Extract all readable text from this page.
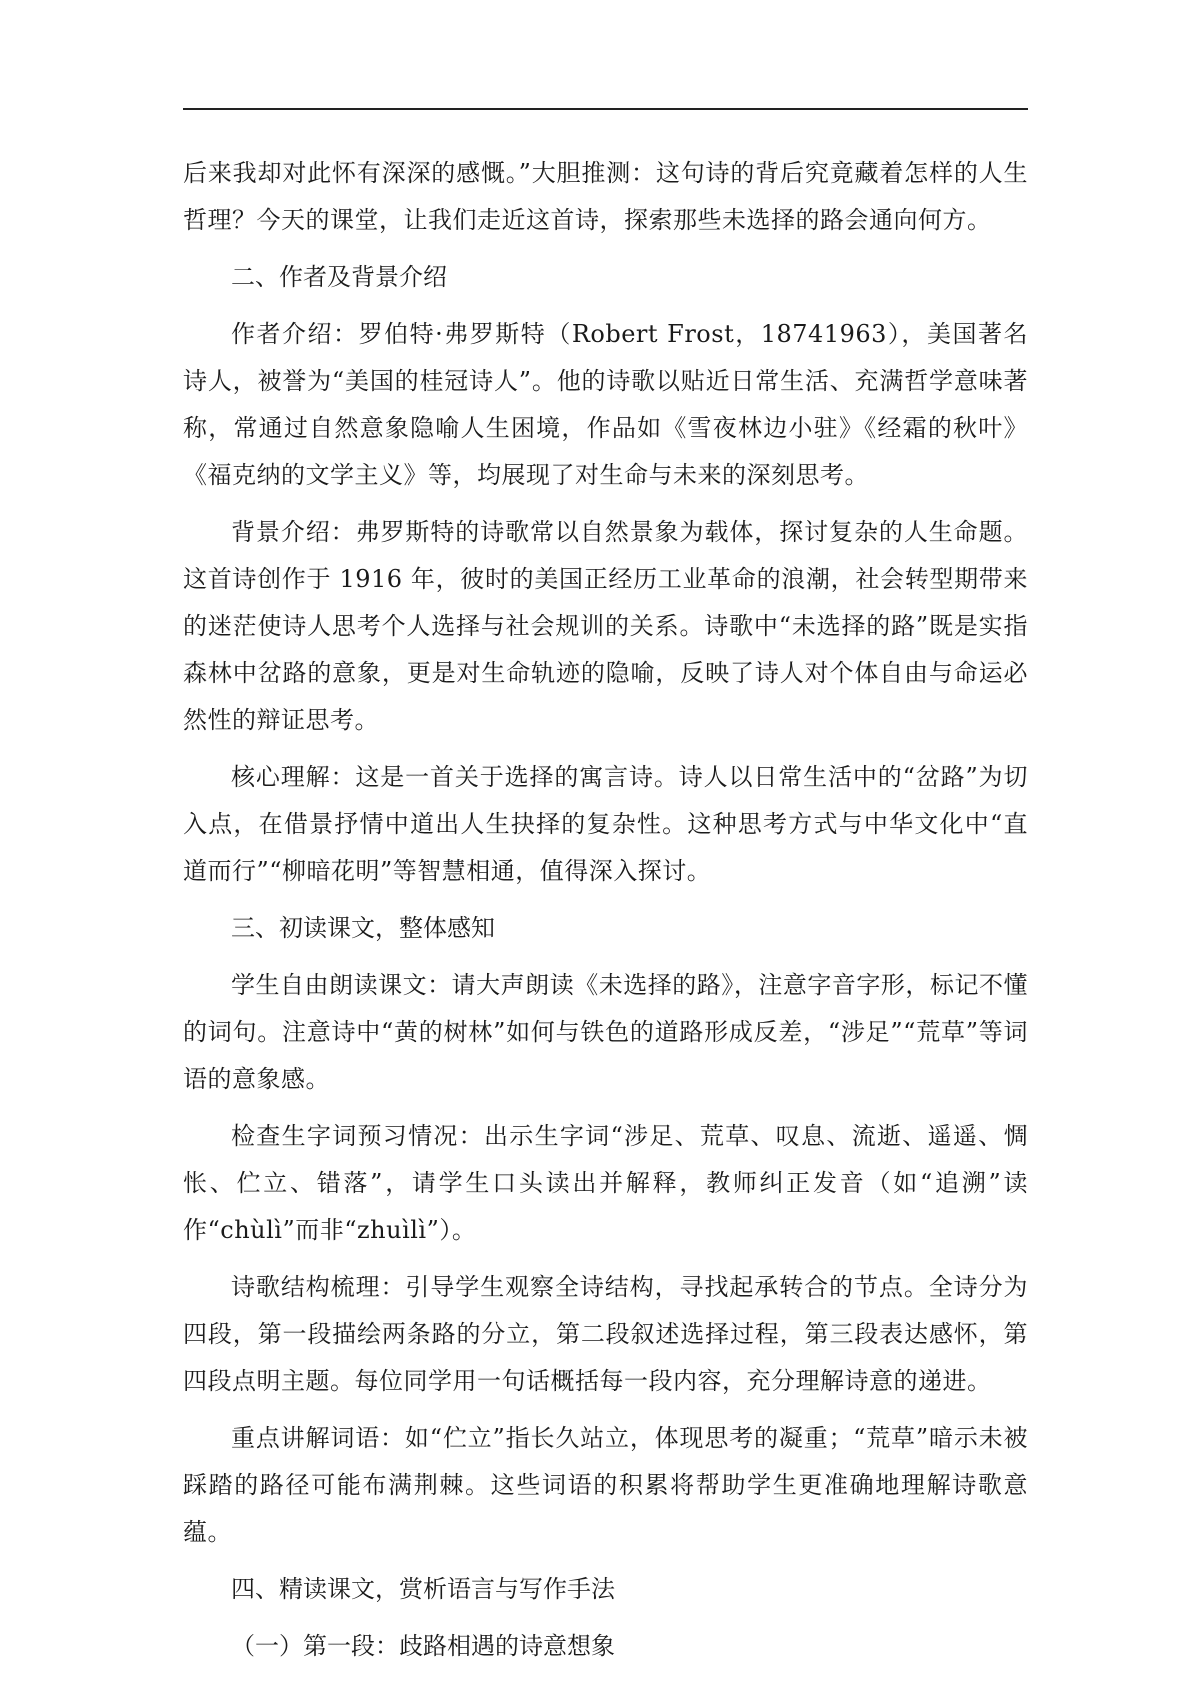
后来我却对此怀有深深的感慨。”大胆推测：这句诗的背后究竟藏着怎样的人生哲理？今天的课堂，让我们走近这首诗，探索那些未选择的路会通向何方。

二、作者及背景介绍

作者介绍：罗伯特·弗罗斯特（Robert Frost，18741963），美国著名诗人，被誉为“美国的桂冠诗人”。他的诗歌以贴近日常生活、充满哲学意味著称，常通过自然意象隐喻人生困境，作品如《雪夜林边小驻》《经霜的秋叶》《福克纳的文学主义》等，均展现了对生命与未来的深刻思考。

背景介绍：弗罗斯特的诗歌常以自然景象为载体，探讨复杂的人生命题。这首诗创作于 1916 年，彼时的美国正经历工业革命的浪潮，社会转型期带来的迷茫使诗人思考个人选择与社会规训的关系。诗歌中“未选择的路”既是实指森林中岔路的意象，更是对生命轨迹的隐喻，反映了诗人对个体自由与命运必然性的辩证思考。

核心理解：这是一首关于选择的寓言诗。诗人以日常生活中的“岔路”为切入点，在借景抒情中道出人生抉择的复杂性。这种思考方式与中华文化中“直道而行”“柳暗花明”等智慧相通，值得深入探讨。

三、初读课文，整体感知

学生自由朗读课文：请大声朗读《未选择的路》，注意字音字形，标记不懂的词句。注意诗中“黄的树林”如何与铁色的道路形成反差，“涉足”“荒草”等词语的意象感。

检查生字词预习情况：出示生字词“涉足、荒草、叹息、流逝、遥遥、惆怅、伫立、错落”，请学生口头读出并解释，教师纠正发音（如“追溯”读作“chùlì”而非“zhuìlì”）。

诗歌结构梳理：引导学生观察全诗结构，寻找起承转合的节点。全诗分为四段，第一段描绘两条路的分立，第二段叙述选择过程，第三段表达感怀，第四段点明主题。每位同学用一句话概括每一段内容，充分理解诗意的递进。

重点讲解词语：如“伫立”指长久站立，体现思考的凝重；“荒草”暗示未被踩踏的路径可能布满荆棘。这些词语的积累将帮助学生更准确地理解诗歌意蕴。

四、精读课文，赏析语言与写作手法

（一）第一段：歧路相遇的诗意想象
